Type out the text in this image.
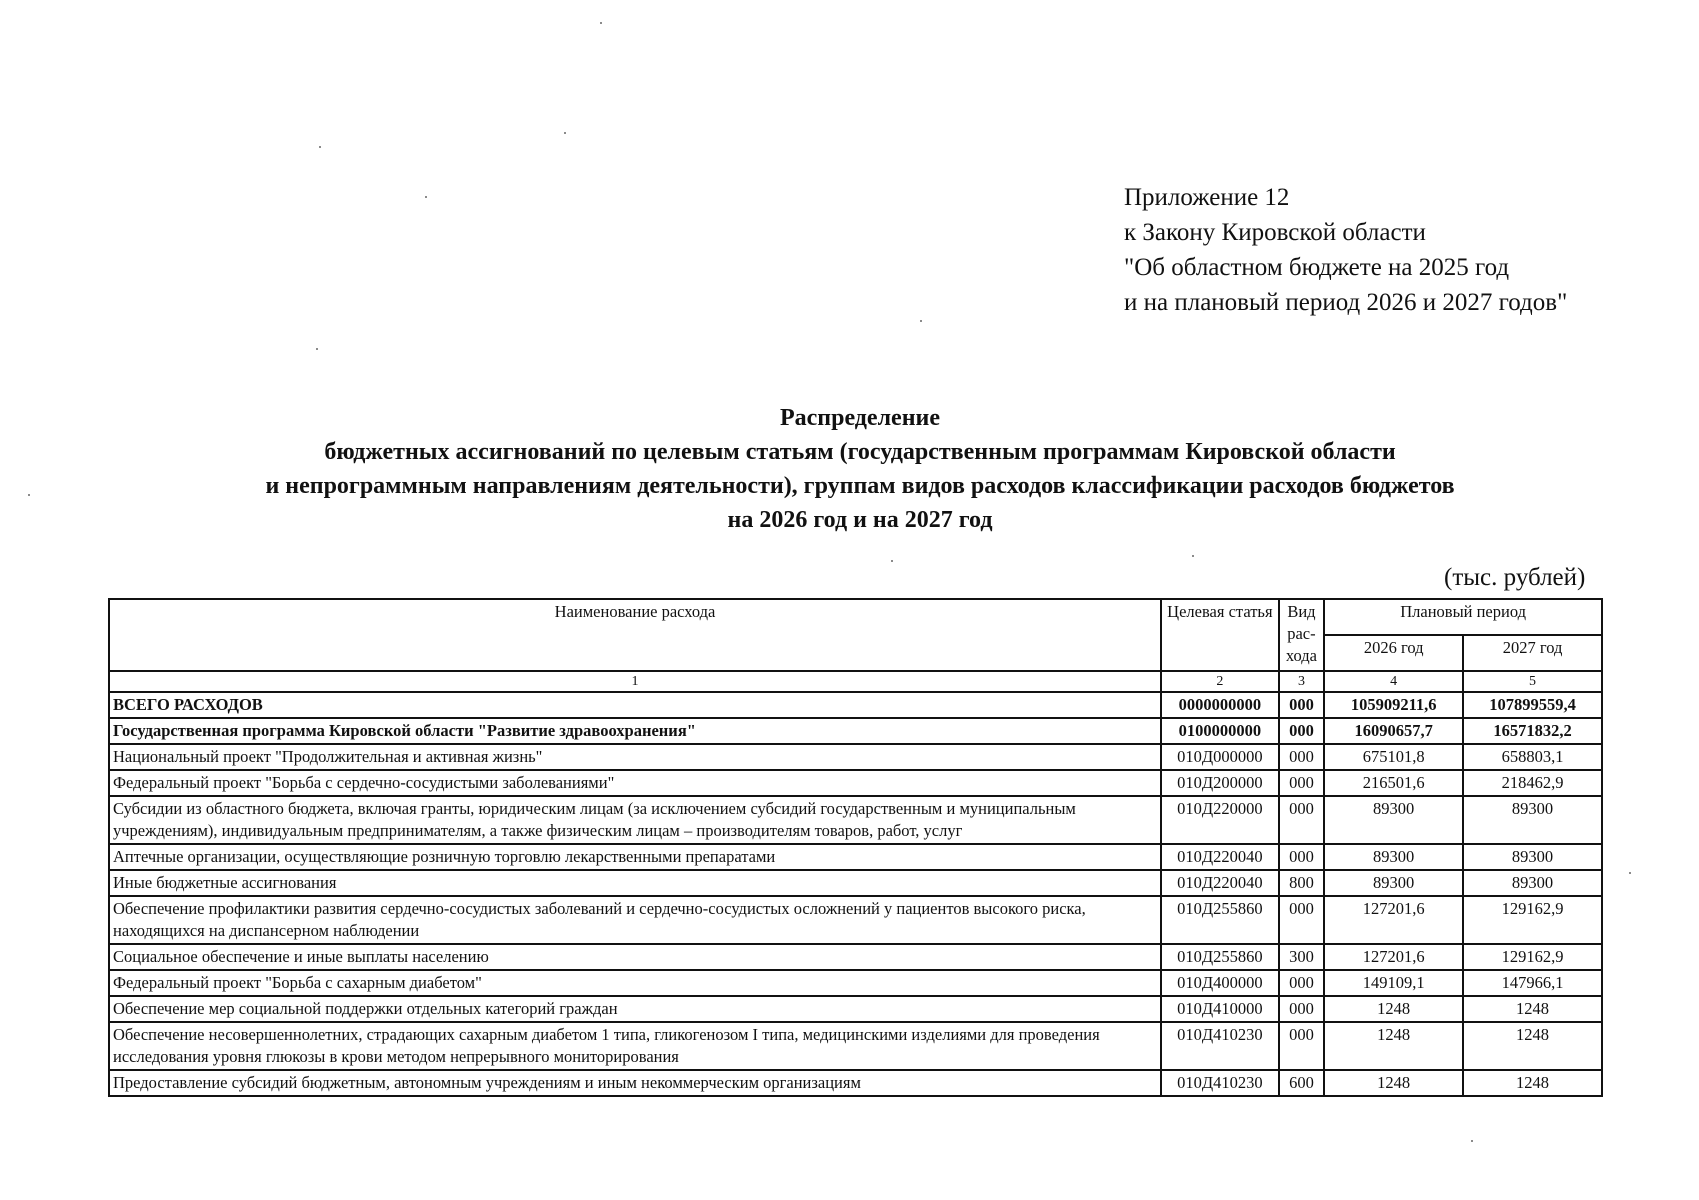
Приложение 12
к Закону Кировской области
"Об областном бюджете на 2025 год
и на плановый период 2026 и 2027 годов"
Распределение
бюджетных ассигнований по целевым статьям (государственным программам Кировской области
и непрограммным направлениям деятельности), группам видов расходов классификации расходов бюджетов
на 2026 год и на 2027 год
(тыс. рублей)
Наименование расхода	Целевая статья	Вид рас- хода	Плановый период	
			2026 год	2027 год
1	2	3	4	5
ВСЕГО РАСХОДОВ	0000000000	000	105909211,6	107899559,4
Государственная программа Кировской области "Развитие здравоохранения"	0100000000	000	16090657,7	16571832,2
Национальный проект "Продолжительная и активная жизнь"	010Д000000	000	675101,8	658803,1
Федеральный проект "Борьба с сердечно-сосудистыми заболеваниями"	010Д200000	000	216501,6	218462,9
Субсидии из областного бюджета, включая гранты, юридическим лицам (за исключением субсидий государственным и муниципальным учреждениям), индивидуальным предпринимателям, а также физическим лицам – производителям товаров, работ, услуг	010Д220000	000	89300	89300
Аптечные организации, осуществляющие розничную торговлю лекарственными препаратами	010Д220040	000	89300	89300
Иные бюджетные ассигнования	010Д220040	800	89300	89300
Обеспечение профилактики развития сердечно-сосудистых заболеваний и сердечно-сосудистых осложнений у пациентов высокого риска, находящихся на диспансерном наблюдении	010Д255860	000	127201,6	129162,9
Социальное обеспечение и иные выплаты населению	010Д255860	300	127201,6	129162,9
Федеральный проект "Борьба с сахарным диабетом"	010Д400000	000	149109,1	147966,1
Обеспечение мер социальной поддержки отдельных категорий граждан	010Д410000	000	1248	1248
Обеспечение несовершеннолетних, страдающих сахарным диабетом 1 типа, гликогенозом I типа, медицинскими изделиями для проведения исследования уровня глюкозы в крови методом непрерывного мониторирования	010Д410230	000	1248	1248
Предоставление субсидий бюджетным, автономным учреждениям и иным некоммерческим организациям	010Д410230	600	1248	1248
